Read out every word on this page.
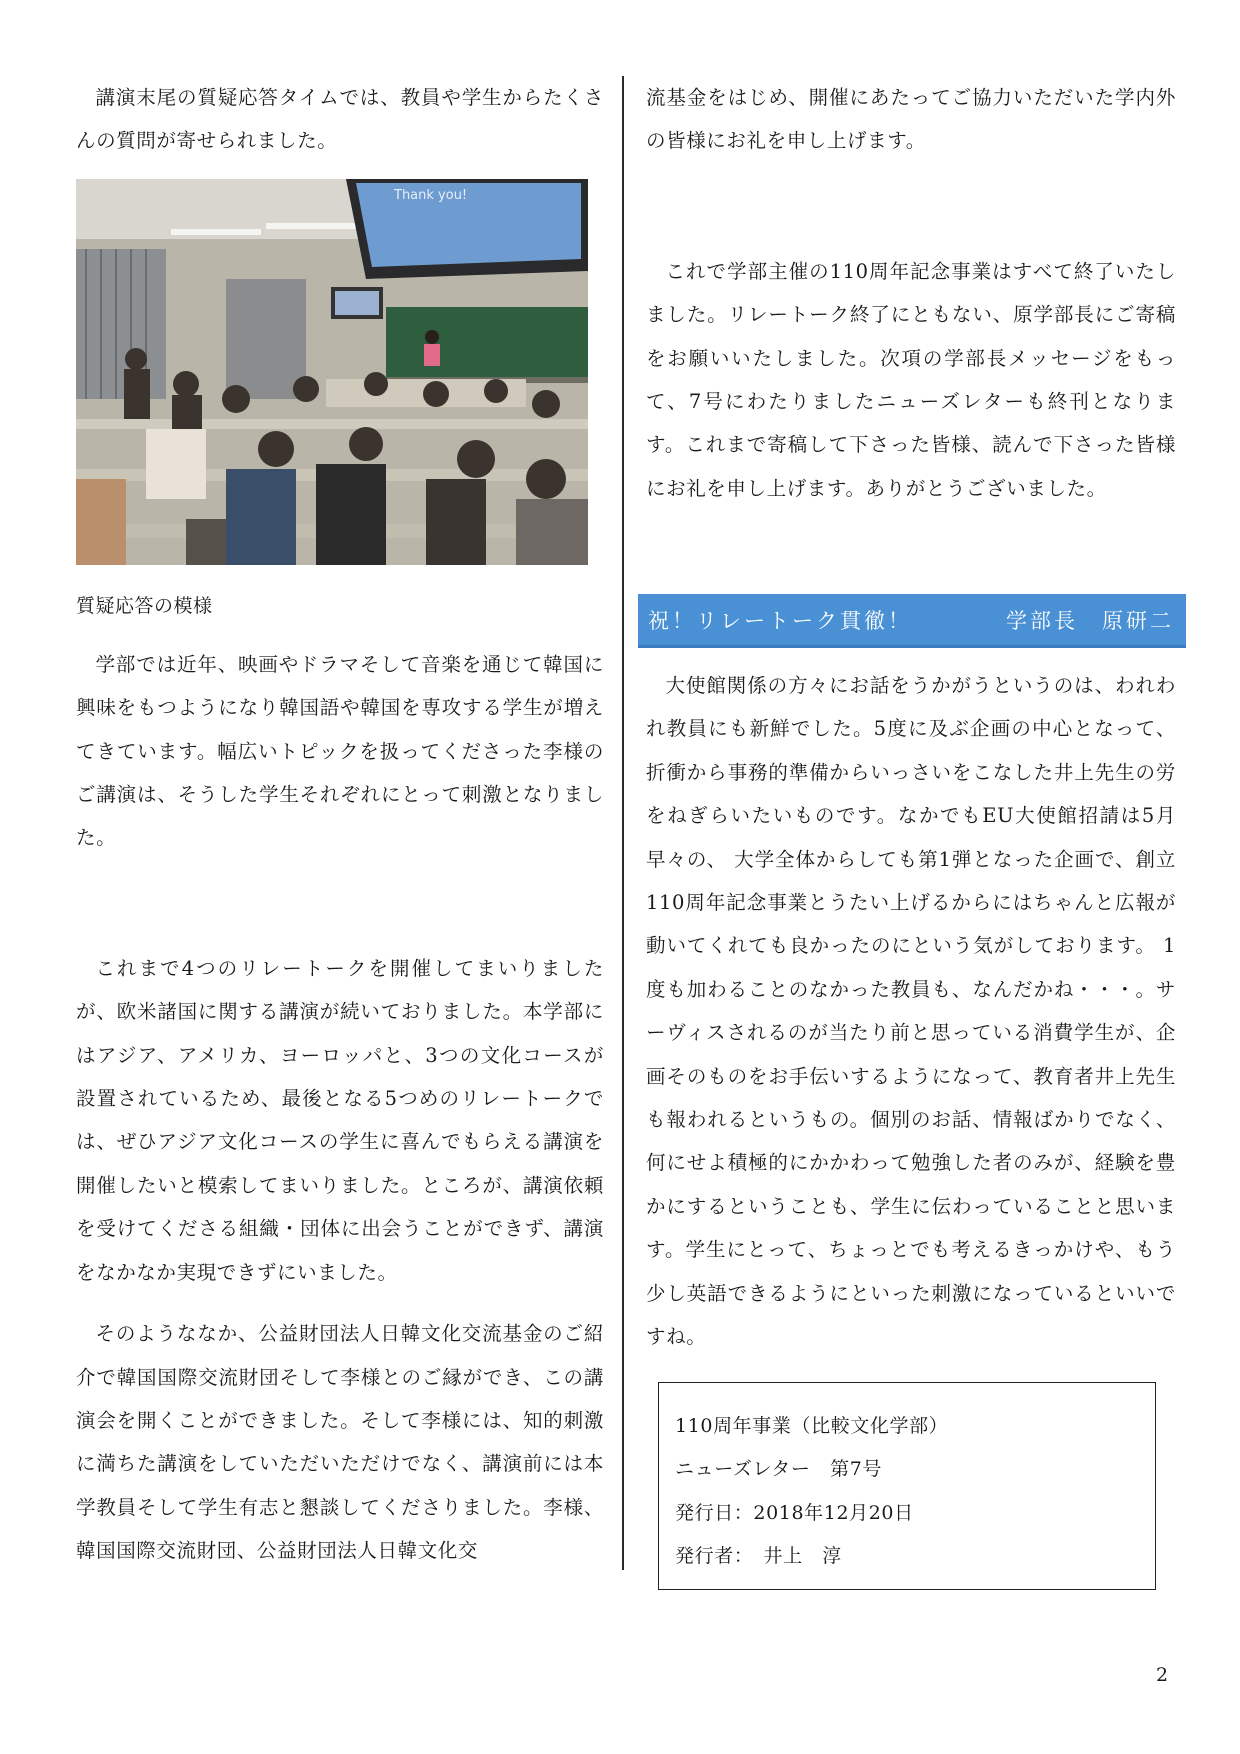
講演末尾の質疑応答タイムでは、教員や学生からたくさんの質問が寄せられました。

Thank you!

質疑応答の模様

学部では近年、映画やドラマそして音楽を通じて韓国に興味をもつようになり韓国語や韓国を専攻する学生が増えてきています。幅広いトピックを扱ってくださった李様のご講演は、そうした学生それぞれにとって刺激となりました。

これまで4つのリレートークを開催してまいりましたが、欧米諸国に関する講演が続いておりました。本学部にはアジア、アメリカ、ヨーロッパと、3つの文化コースが設置されているため、最後となる5つめのリレートークでは、ぜひアジア文化コースの学生に喜んでもらえる講演を開催したいと模索してまいりました。ところが、講演依頼を受けてくださる組織・団体に出会うことができず、講演をなかなか実現できずにいました。

そのようななか、公益財団法人日韓文化交流基金のご紹介で韓国国際交流財団そして李様とのご縁ができ、この講演会を開くことができました。そして李様には、知的刺激に満ちた講演をしていただいただけでなく、講演前には本学教員そして学生有志と懇談してくださりました。李様、韓国国際交流財団、公益財団法人日韓文化交

流基金をはじめ、開催にあたってご協力いただいた学内外の皆様にお礼を申し上げます。

これで学部主催の110周年記念事業はすべて終了いたしました。リレートーク終了にともない、原学部長にご寄稿をお願いいたしました。次項の学部長メッセージをもって、7号にわたりましたニューズレターも終刊となります。これまで寄稿して下さった皆様、読んで下さった皆様にお礼を申し上げます。ありがとうございました。

祝！リレートーク貫徹！	学部長　原研二

大使館関係の方々にお話をうかがうというのは、われわれ教員にも新鮮でした。5度に及ぶ企画の中心となって、折衝から事務的準備からいっさいをこなした井上先生の労をねぎらいたいものです。なかでもEU大使館招請は5月早々の、 大学全体からしても第1弾となった企画で、創立110周年記念事業とうたい上げるからにはちゃんと広報が動いてくれても良かったのにという気がしております。 1度も加わることのなかった教員も、なんだかね・・・。サーヴィスされるのが当たり前と思っている消費学生が、企画そのものをお手伝いするようになって、教育者井上先生も報われるというもの。個別のお話、情報ばかりでなく、何にせよ積極的にかかわって勉強した者のみが、経験を豊かにするということも、学生に伝わっていることと思います。学生にとって、ちょっとでも考えるきっかけや、もう少し英語できるようにといった刺激になっているといいですね。

110周年事業（比較文化学部）
ニューズレター　第7号
発行日：2018年12月20日
発行者：　井上　淳
2
